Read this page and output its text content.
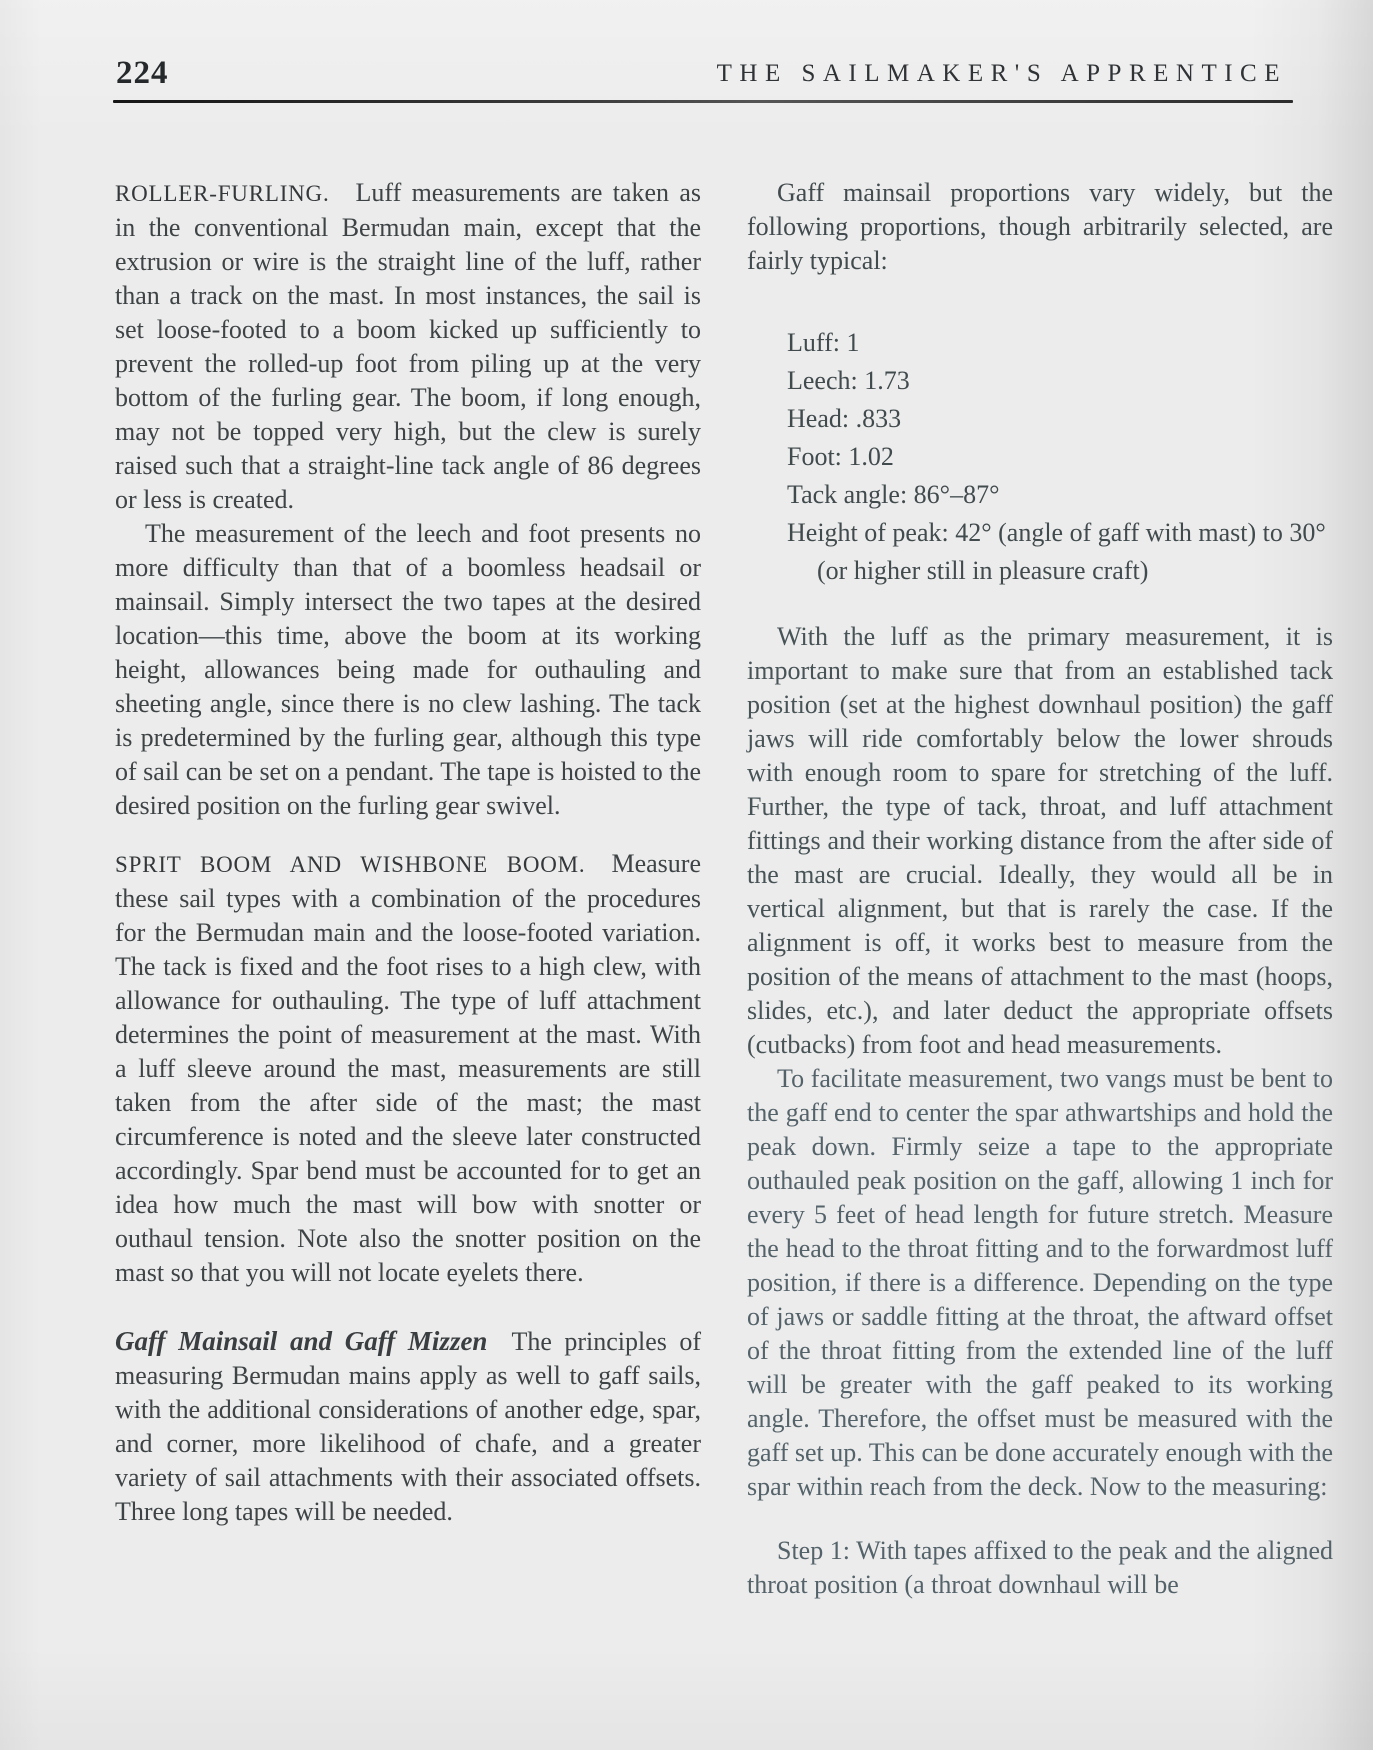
224	THE SAILMAKER'S APPRENTICE

ROLLER-FURLING. Luff measurements are taken as in the conventional Bermudan main, except that the extrusion or wire is the straight line of the luff, rather than a track on the mast. In most instances, the sail is set loose-footed to a boom kicked up sufficiently to prevent the rolled-up foot from piling up at the very bottom of the furling gear. The boom, if long enough, may not be topped very high, but the clew is surely raised such that a straight-line tack angle of 86 degrees or less is created.

The measurement of the leech and foot presents no more difficulty than that of a boomless headsail or mainsail. Simply intersect the two tapes at the desired location—this time, above the boom at its working height, allowances being made for outhauling and sheeting angle, since there is no clew lashing. The tack is predetermined by the furling gear, although this type of sail can be set on a pendant. The tape is hoisted to the desired position on the furling gear swivel.

SPRIT BOOM AND WISHBONE BOOM. Measure these sail types with a combination of the procedures for the Bermudan main and the loose-footed variation. The tack is fixed and the foot rises to a high clew, with allowance for outhauling. The type of luff attachment determines the point of measurement at the mast. With a luff sleeve around the mast, measurements are still taken from the after side of the mast; the mast circumference is noted and the sleeve later constructed accordingly. Spar bend must be accounted for to get an idea how much the mast will bow with snotter or outhaul tension. Note also the snotter position on the mast so that you will not locate eyelets there.

Gaff Mainsail and Gaff Mizzen The principles of measuring Bermudan mains apply as well to gaff sails, with the additional considerations of another edge, spar, and corner, more likelihood of chafe, and a greater variety of sail attachments with their associated offsets. Three long tapes will be needed.

Gaff mainsail proportions vary widely, but the following proportions, though arbitrarily selected, are fairly typical:

Luff: 1
Leech: 1.73
Head: .833
Foot: 1.02
Tack angle: 86°–87°
Height of peak: 42° (angle of gaff with mast) to 30° (or higher still in pleasure craft)

With the luff as the primary measurement, it is important to make sure that from an established tack position (set at the highest downhaul position) the gaff jaws will ride comfortably below the lower shrouds with enough room to spare for stretching of the luff. Further, the type of tack, throat, and luff attachment fittings and their working distance from the after side of the mast are crucial. Ideally, they would all be in vertical alignment, but that is rarely the case. If the alignment is off, it works best to measure from the position of the means of attachment to the mast (hoops, slides, etc.), and later deduct the appropriate offsets (cutbacks) from foot and head measurements.

To facilitate measurement, two vangs must be bent to the gaff end to center the spar athwartships and hold the peak down. Firmly seize a tape to the appropriate outhauled peak position on the gaff, allowing 1 inch for every 5 feet of head length for future stretch. Measure the head to the throat fitting and to the forwardmost luff position, if there is a difference. Depending on the type of jaws or saddle fitting at the throat, the aftward offset of the throat fitting from the extended line of the luff will be greater with the gaff peaked to its working angle. Therefore, the offset must be measured with the gaff set up. This can be done accurately enough with the spar within reach from the deck. Now to the measuring:

Step 1: With tapes affixed to the peak and the aligned throat position (a throat downhaul will be
